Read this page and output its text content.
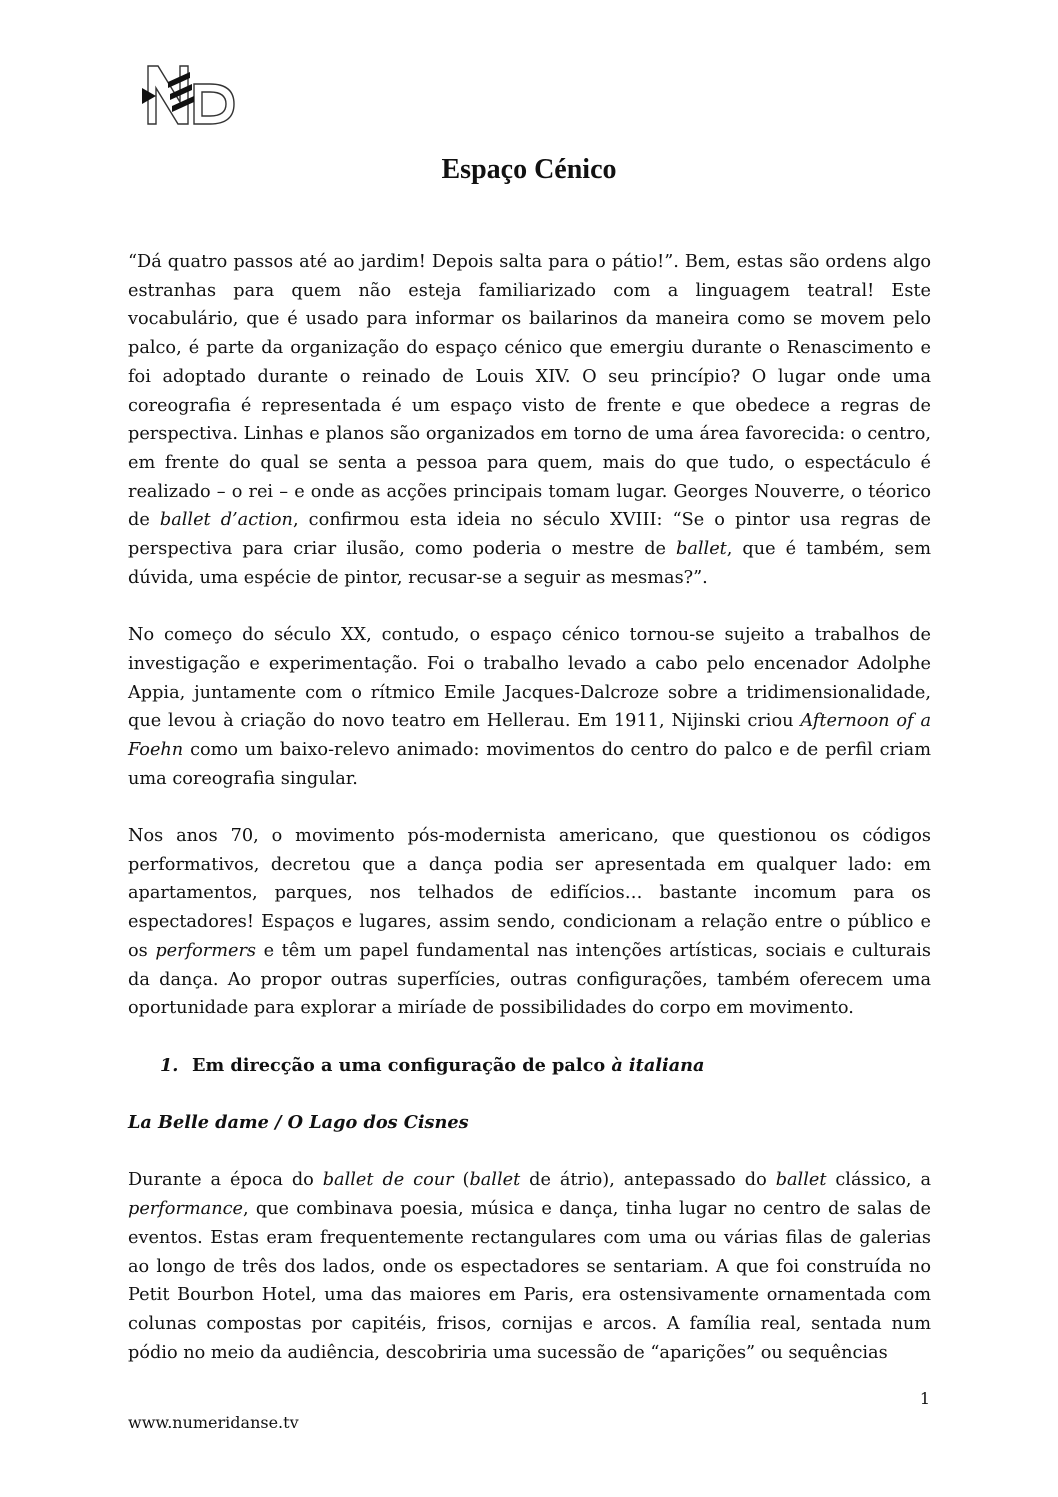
Espaço Cénico

“Dá quatro passos até ao jardim! Depois salta para o pátio!”. Bem, estas são ordens algo estranhas para quem não esteja familiarizado com a linguagem teatral! Este vocabulário, que é usado para informar os bailarinos da maneira como se movem pelo palco, é parte da organização do espaço cénico que emergiu durante o Renascimento e foi adoptado durante o reinado de Louis XIV. O seu princípio? O lugar onde uma coreografia é representada é um espaço visto de frente e que obedece a regras de perspectiva. Linhas e planos são organizados em torno de uma área favorecida: o centro, em frente do qual se senta a pessoa para quem, mais do que tudo, o espectáculo é realizado – o rei – e onde as acções principais tomam lugar. Georges Nouverre, o téorico de ballet d’action, confirmou esta ideia no século XVIII: “Se o pintor usa regras de perspectiva para criar ilusão, como poderia o mestre de ballet, que é também, sem dúvida, uma espécie de pintor, recusar-se a seguir as mesmas?”.

No começo do século XX, contudo, o espaço cénico tornou-se sujeito a trabalhos de investigação e experimentação. Foi o trabalho levado a cabo pelo encenador Adolphe Appia, juntamente com o rítmico Emile Jacques-Dalcroze sobre a tridimensionalidade, que levou à criação do novo teatro em Hellerau. Em 1911, Nijinski criou Afternoon of a Foehn como um baixo-relevo animado: movimentos do centro do palco e de perfil criam uma coreografia singular.

Nos anos 70, o movimento pós-modernista americano, que questionou os códigos performativos, decretou que a dança podia ser apresentada em qualquer lado: em apartamentos, parques, nos telhados de edifícios… bastante incomum para os espectadores! Espaços e lugares, assim sendo, condicionam a relação entre o público e os performers e têm um papel fundamental nas intenções artísticas, sociais e culturais da dança. Ao propor outras superfícies, outras configurações, também oferecem uma oportunidade para explorar a miríade de possibilidades do corpo em movimento.

1. Em direcção a uma configuração de palco à italiana
La Belle dame / O Lago dos Cisnes

Durante a época do ballet de cour (ballet de átrio), antepassado do ballet clássico, a performance, que combinava poesia, música e dança, tinha lugar no centro de salas de eventos. Estas eram frequentemente rectangulares com uma ou várias filas de galerias ao longo de três dos lados, onde os espectadores se sentariam. A que foi construída no Petit Bourbon Hotel, uma das maiores em Paris, era ostensivamente ornamentada com colunas compostas por capitéis, frisos, cornijas e arcos. A família real, sentada num pódio no meio da audiência, descobriria uma sucessão de “aparições” ou sequências

1
www.numeridanse.tv
